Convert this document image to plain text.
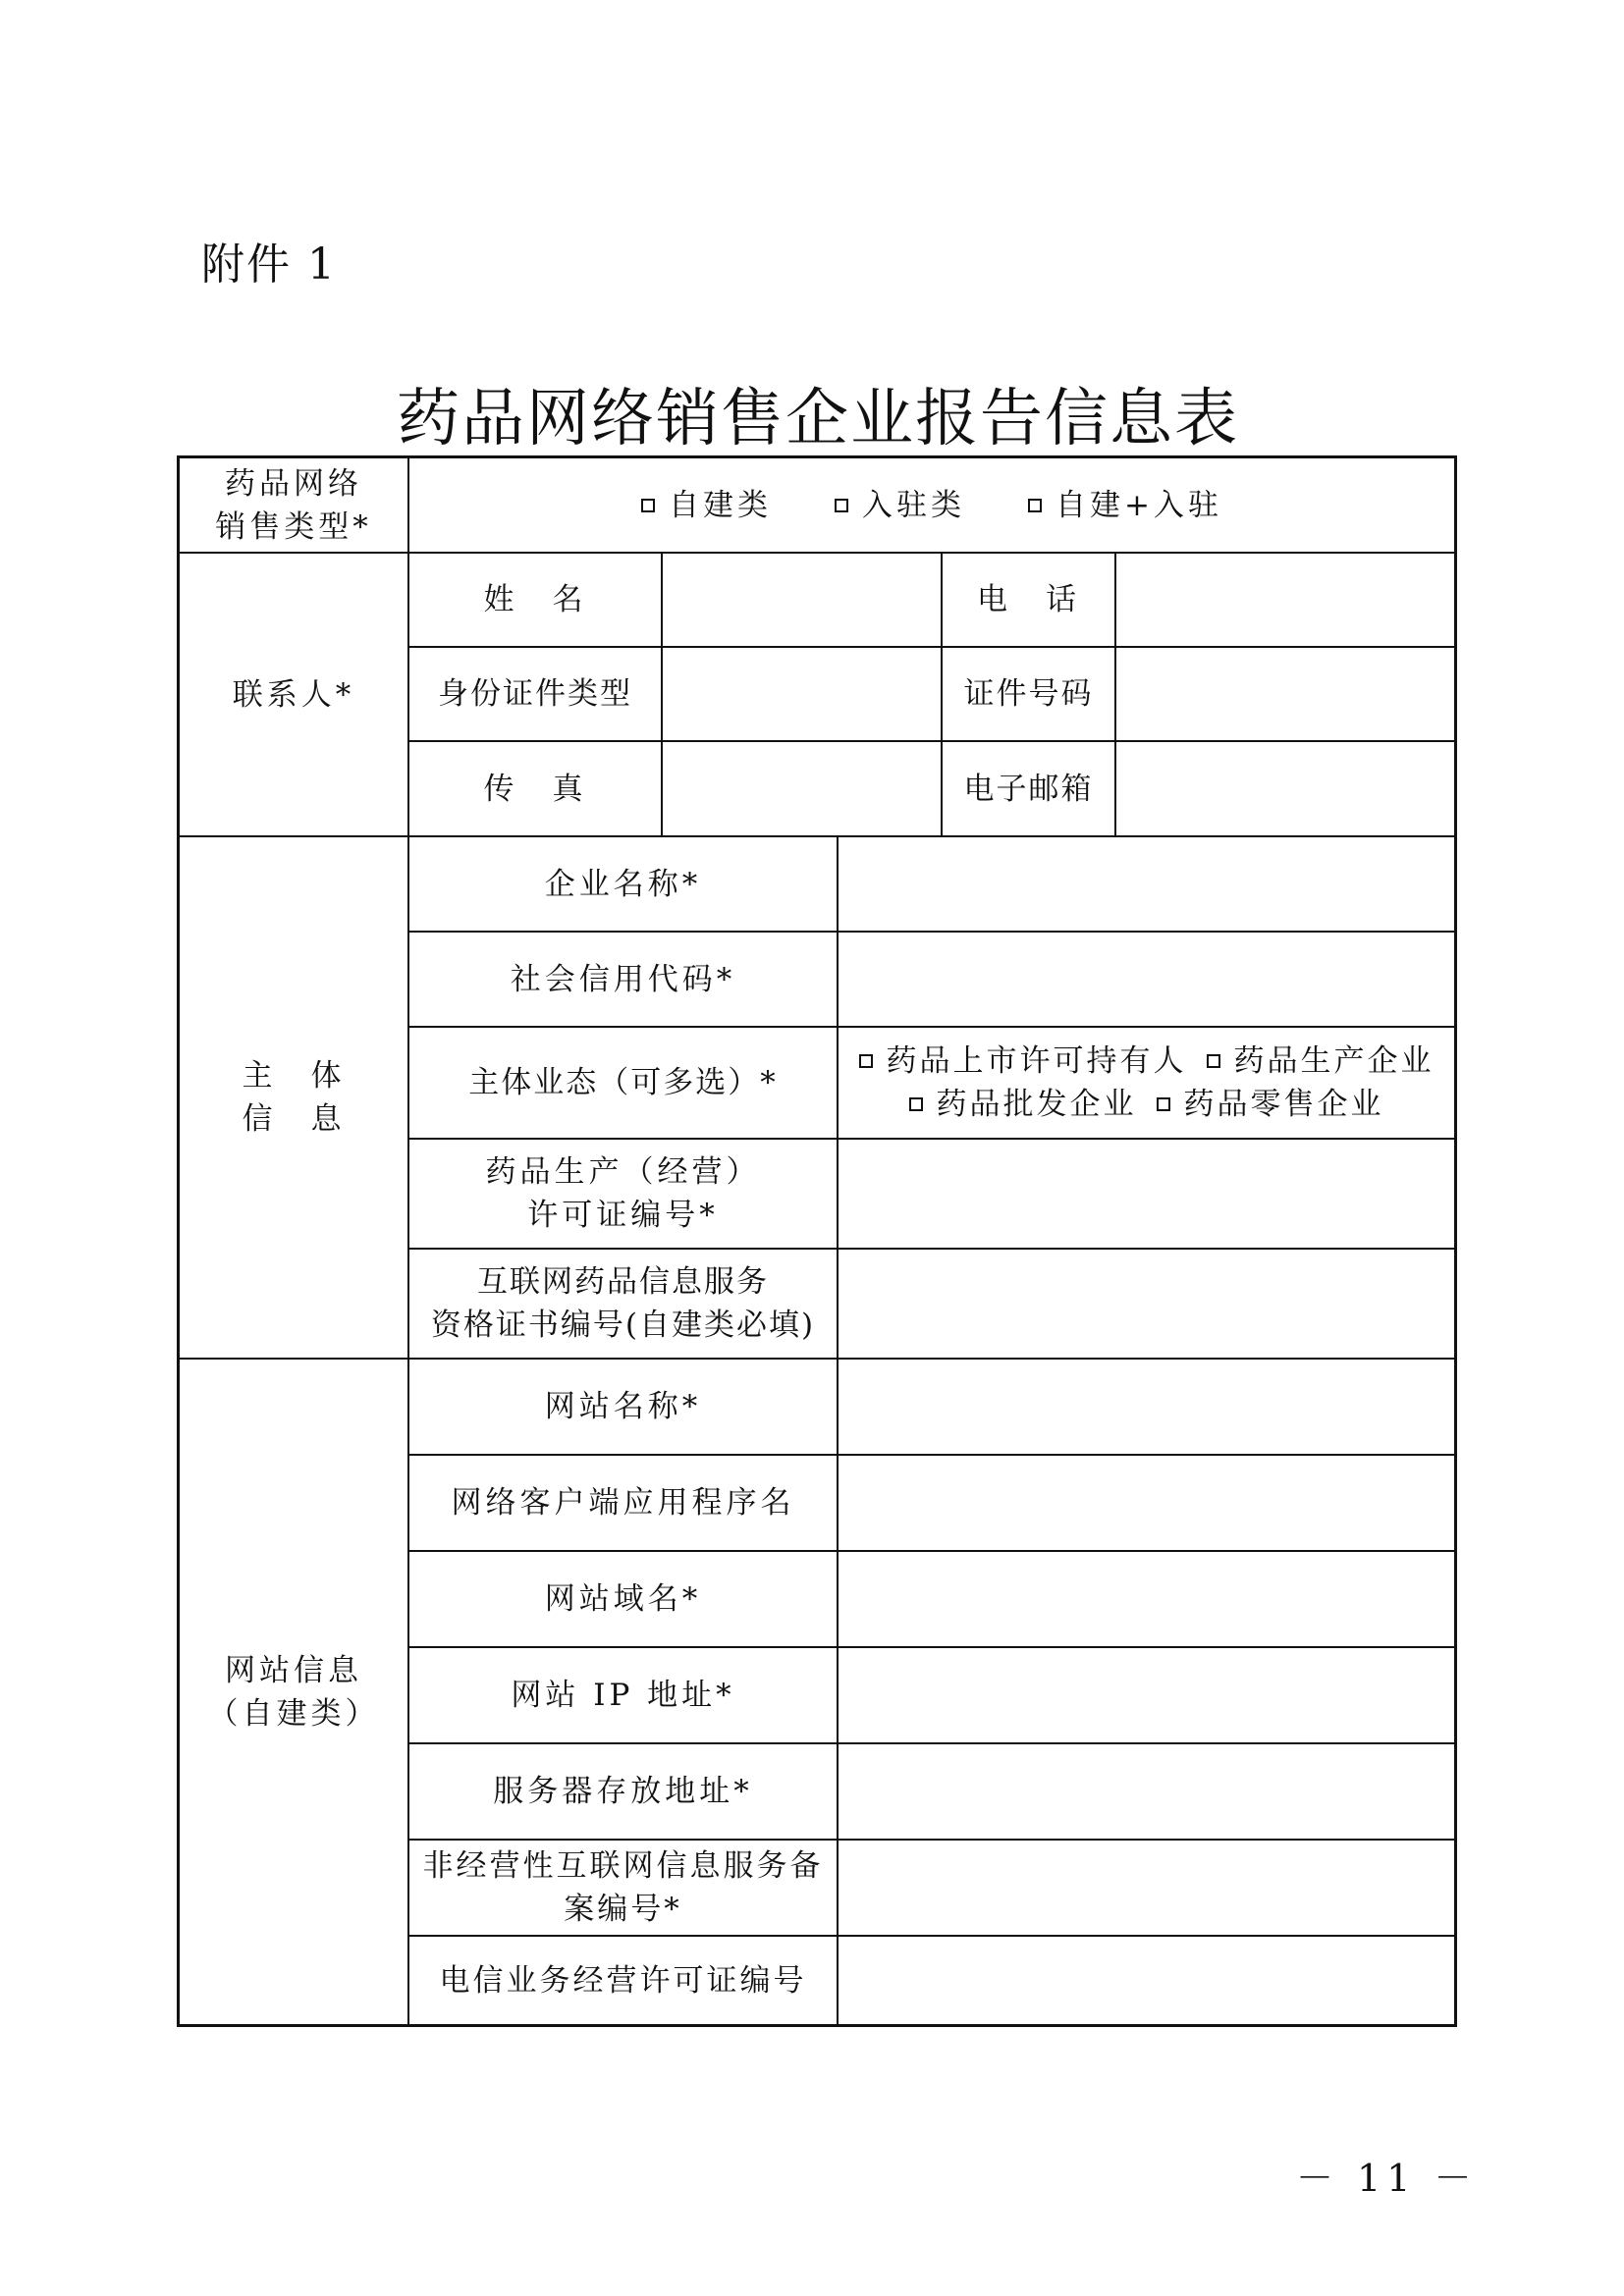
附件 1
药品网络销售企业报告信息表
药品网络
销售类型*
自建类	入驻类	自建+入驻
联系人*
姓　名	电　话
身份证件类型	证件号码
传　真	电子邮箱
主　体
信　息
企业名称*
社会信用代码*
主体业态（可多选）*
药品上市许可持有人 药品生产企业
药品批发企业 药品零售企业
药品生产（经营）
许可证编号*
互联网药品信息服务
资格证书编号(自建类必填)
网站信息
（自建类）
网站名称*
网络客户端应用程序名
网站域名*
网站 IP 地址*
服务器存放地址*
非经营性互联网信息服务备
案编号*
电信业务经营许可证编号
－ 11 －
